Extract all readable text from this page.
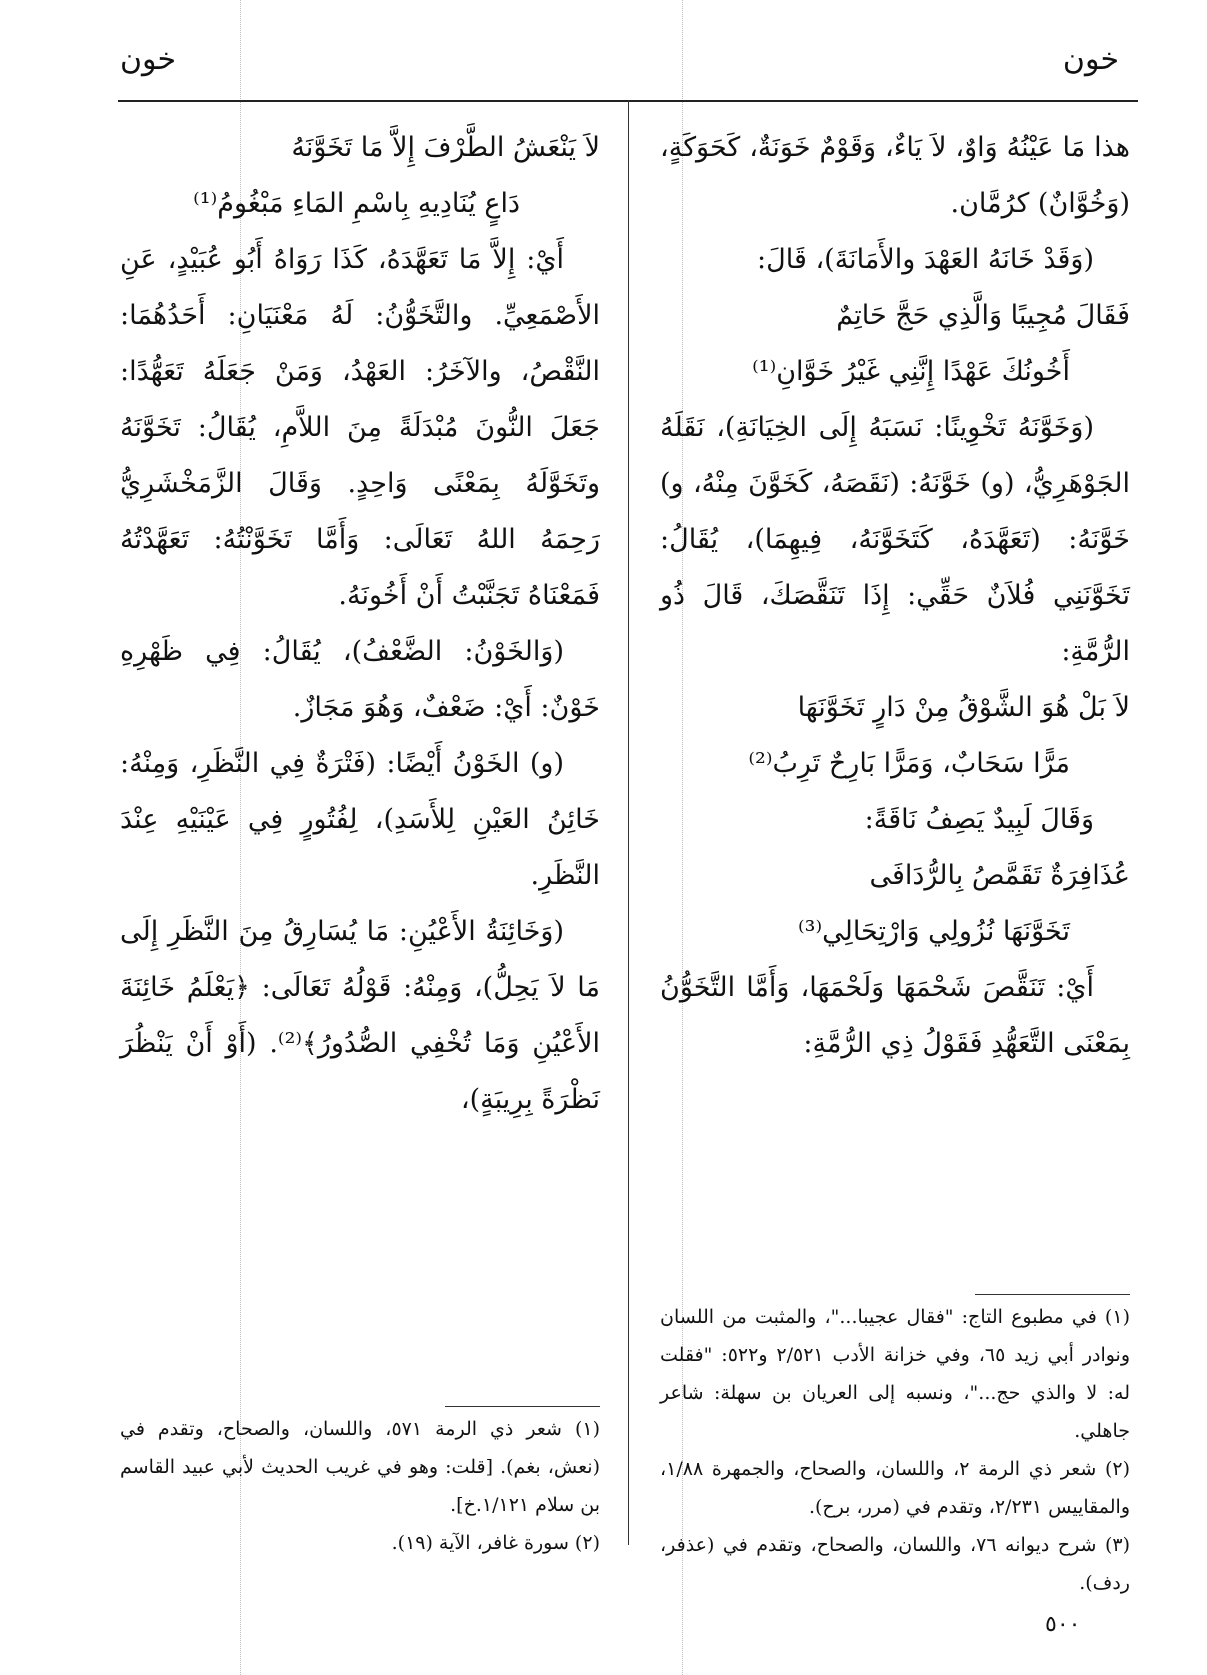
خون
خون

هذا مَا عَيْنُهُ وَاوٌ، لاَ يَاءٌ، وَقَوْمٌ خَوَنَةٌ، كَحَوَكَةٍ، (وَخُوَّانٌ) كرُمَّان.

(وَقَدْ خَانَهُ العَهْدَ والأَمَانَةَ)، قَالَ:

فَقَالَ مُجِيبًا وَالَّذِي حَجَّ حَاتِمٌ

أَخُونُكَ عَهْدًا إِنَّنِي غَيْرُ خَوَّانِ⁽¹⁾

(وَخَوَّنَهُ تَخْوِينًا: نَسَبَهُ إِلَى الخِيَانَةِ)، نَقَلَهُ الجَوْهَرِيُّ، (و) خَوَّنَهُ: (نَقَصَهُ، كَخَوَّنَ مِنْهُ، و) خَوَّنَهُ: (تَعَهَّدَهُ، كَتَخَوَّنَهُ، فِيهِمَا)، يُقَالُ: تَخَوَّنَنِي فُلاَنٌ حَقِّي: إِذَا تَنَقَّصَكَ، قَالَ ذُو الرُّمَّةِ:

لاَ بَلْ هُوَ الشَّوْقُ مِنْ دَارٍ تَخَوَّنَهَا

مَرًّا سَحَابٌ، وَمَرًّا بَارِحٌ تَرِبُ⁽²⁾

وَقَالَ لَبِيدٌ يَصِفُ نَاقَةً:

عُذَافِرَةٌ تَقَمَّصُ بِالرُّدَافَى

تَخَوَّنَهَا نُزُولِي وَارْتِحَالِي⁽³⁾

أَيْ: تَنَقَّصَ شَحْمَهَا وَلَحْمَهَا، وَأَمَّا التَّخَوُّنُ بِمَعْنَى التَّعَهُّدِ فَقَوْلُ ذِي الرُّمَّةِ:

(١) في مطبوع التاج: "فقال عجيبا..."، والمثبت من اللسان ونوادر أبي زيد ٦٥، وفي خزانة الأدب ٢/٥٢١ و٥٢٢: "فقلت له: لا والذي حج..."، ونسبه إلى العريان بن سهلة: شاعر جاهلي.

(٢) شعر ذي الرمة ٢، واللسان، والصحاح، والجمهرة ١/٨٨، والمقاييس ٢/٢٣١، وتقدم في (مرر، برح).

(٣) شرح ديوانه ٧٦، واللسان، والصحاح، وتقدم في (عذفر، ردف).

لاَ يَنْعَشُ الطَّرْفَ إِلاَّ مَا تَخَوَّنَهُ

دَاعٍ يُنَادِيهِ بِاسْمِ المَاءِ مَبْغُومُ⁽¹⁾

أَيْ: إِلاَّ مَا تَعَهَّدَهُ، كَذَا رَوَاهُ أَبُو عُبَيْدٍ، عَنِ الأَصْمَعِيِّ. والتَّخَوُّنُ: لَهُ مَعْنَيَانِ: أَحَدُهُمَا: النَّقْصُ، والآخَرُ: العَهْدُ، وَمَنْ جَعَلَهُ تَعَهُّدًا: جَعَلَ النُّونَ مُبْدَلَةً مِنَ اللاَّمِ، يُقَالُ: تَخَوَّنَهُ وتَخَوَّلَهُ بِمَعْنًى وَاحِدٍ. وَقَالَ الزَّمَخْشَرِيُّ رَحِمَهُ اللهُ تَعَالَى: وَأَمَّا تَخَوَّنْتُهُ: تَعَهَّدْتُهُ فَمَعْنَاهُ تَجَنَّبْتُ أَنْ أَخُونَهُ.

(وَالخَوْنُ: الضَّعْفُ)، يُقَالُ: فِي ظَهْرِهِ خَوْنٌ: أَيْ: ضَعْفٌ، وَهُوَ مَجَازٌ.

(و) الخَوْنُ أَيْضًا: (فَتْرَةٌ فِي النَّظَرِ، وَمِنْهُ: خَائِنُ العَيْنِ لِلأَسَدِ)، لِفُتُورٍ فِي عَيْنَيْهِ عِنْدَ النَّظَرِ.

(وَخَائِنَةُ الأَعْيُنِ: مَا يُسَارِقُ مِنَ النَّظَرِ إِلَى مَا لاَ يَحِلُّ)، وَمِنْهُ: قَوْلُهُ تَعَالَى: ﴿يَعْلَمُ خَائِنَةَ الأَعْيُنِ وَمَا تُخْفِي الصُّدُورُ﴾⁽²⁾. (أَوْ أَنْ يَنْظُرَ نَظْرَةً بِرِيبَةٍ)،

(١) شعر ذي الرمة ٥٧١، واللسان، والصحاح، وتقدم في (نعش، بغم). [قلت: وهو في غريب الحديث لأبي عبيد القاسم بن سلام ١/١٢١.خ].

(٢) سورة غافر، الآية (١٩).

٥٠٠
